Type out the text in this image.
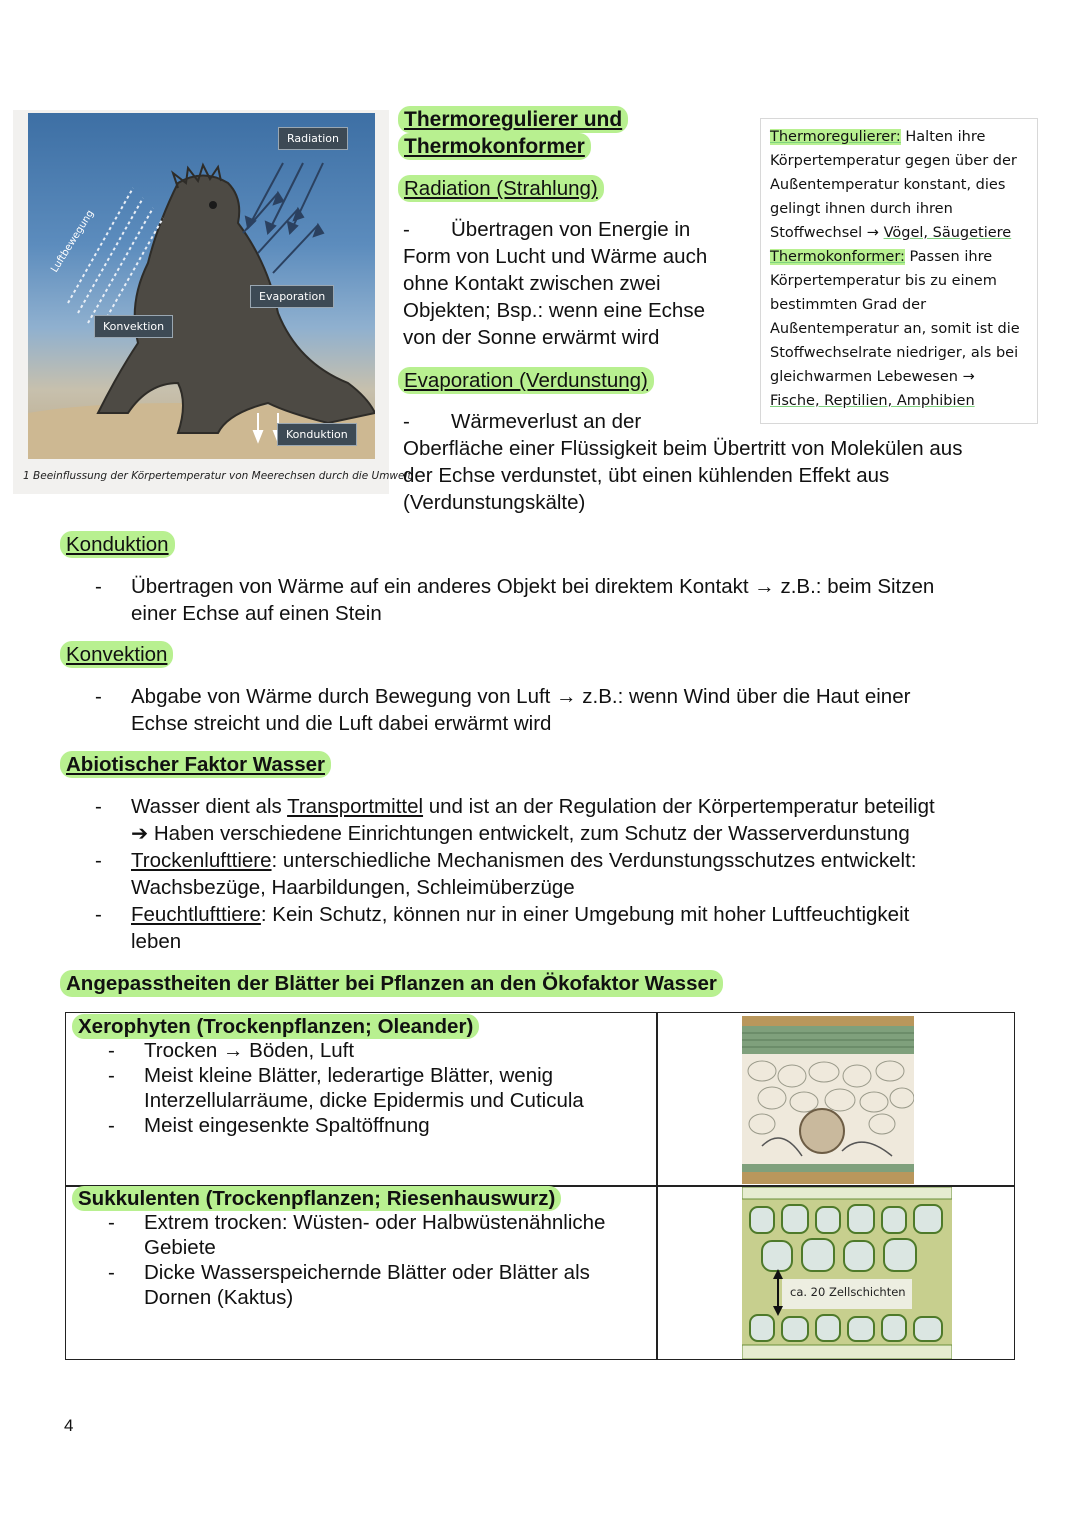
Luftbewegung
Radiation
Evaporation
Konvektion
Konduktion
1 Beeinflussung der Körpertemperatur von Meerechsen durch die Umwelt
Thermoregulierer und
Thermokonformer
Radiation (Strahlung)
- Übertragen von Energie in
Form von Lucht und Wärme auch
ohne Kontakt zwischen zwei
Objekten; Bsp.: wenn eine Echse
von der Sonne erwärmt wird
Evaporation (Verdunstung)
- Wärmeverlust an der
Oberfläche einer Flüssigkeit beim Übertritt von Molekülen aus
der Echse verdunstet, übt einen kühlenden Effekt aus
(Verdunstungskälte)
Thermoregulierer: Halten ihre
Körpertemperatur gegen über der
Außentemperatur konstant, dies
gelingt ihnen durch ihren
Stoffwechsel → Vögel, Säugetiere
Thermokonformer: Passen ihre
Körpertemperatur bis zu einem
bestimmten Grad der
Außentemperatur an, somit ist die
Stoffwechselrate niedriger, als bei
gleichwarmen Lebewesen →
Fische, Reptilien, Amphibien
Konduktion
- Übertragen von Wärme auf ein anderes Objekt bei direktem Kontakt → z.B.: beim Sitzen
einer Echse auf einen Stein
Konvektion
- Abgabe von Wärme durch Bewegung von Luft → z.B.: wenn Wind über die Haut einer
Echse streicht und die Luft dabei erwärmt wird
Abiotischer Faktor Wasser
- Wasser dient als Transportmittel und ist an der Regulation der Körpertemperatur beteiligt
➔ Haben verschiedene Einrichtungen entwickelt, zum Schutz der Wasserverdunstung
- Trockenlufttiere: unterschiedliche Mechanismen des Verdunstungsschutzes entwickelt:
Wachsbezüge, Haarbildungen, Schleimüberzüge
- Feuchtlufttiere: Kein Schutz, können nur in einer Umgebung mit hoher Luftfeuchtigkeit
leben
Angepasstheiten der Blätter bei Pflanzen an den Ökofaktor Wasser
Xerophyten (Trockenpflanzen; Oleander)
- Trocken → Böden, Luft
- Meist kleine Blätter, lederartige Blätter, wenig
Interzellularräume, dicke Epidermis und Cuticula
- Meist eingesenkte Spaltöffnung
Sukkulenten (Trockenpflanzen; Riesenhauswurz)
- Extrem trocken: Wüsten- oder Halbwüstenähnliche
Gebiete
- Dicke Wasserspeichernde Blätter oder Blätter als
Dornen (Kaktus)	ca. 20 Zellschichten
4
